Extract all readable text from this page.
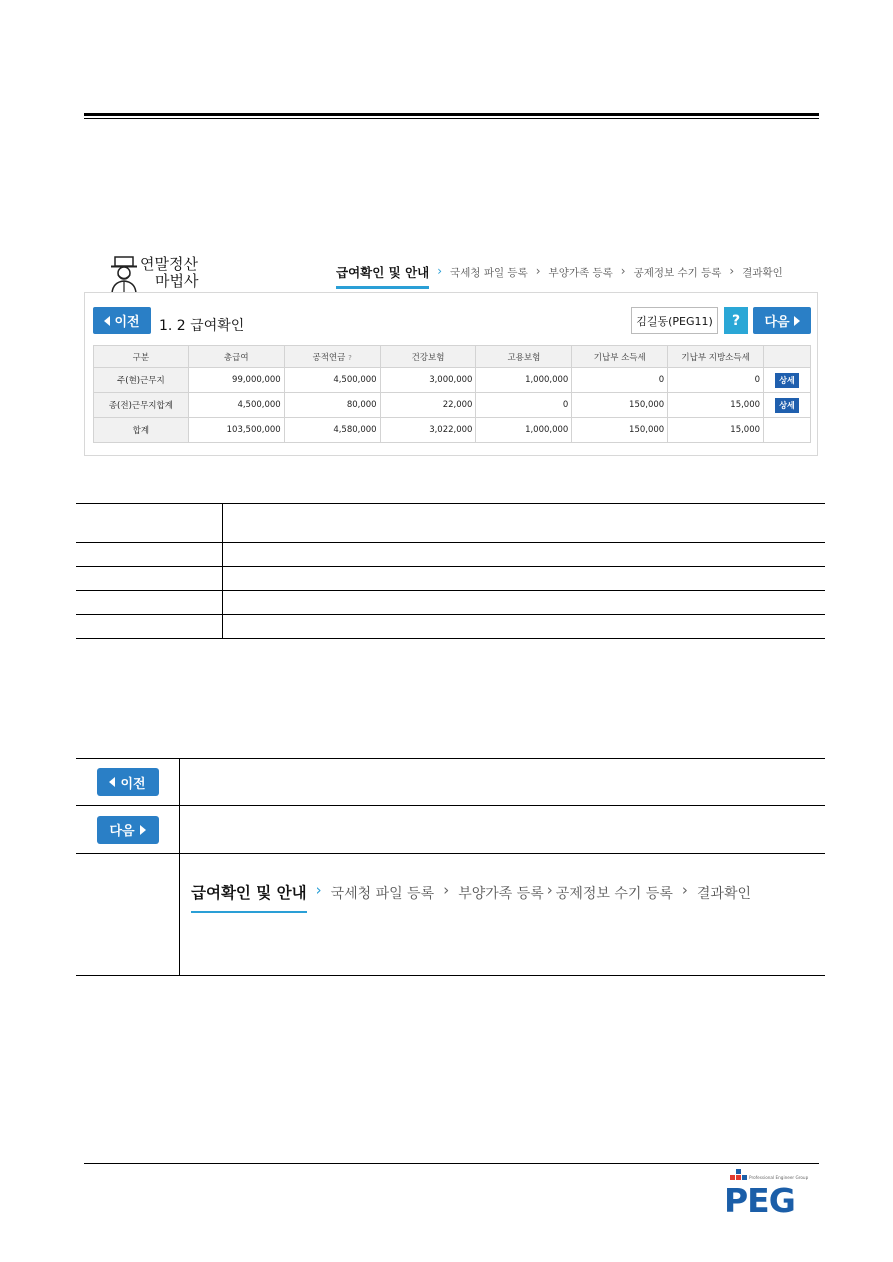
연말정산
마법사	급여확인 및 안내 › 국세청 파일 등록 › 부양가족 등록 › 공제정보 수기 등록 › 결과확인
이전 1. 2 급여확인	김길동(PEG11)	?	다음
구분	총급여	공적연금 ?	건강보험	고용보험	기납부 소득세	기납부 지방소득세	
주(현)근무지	99,000,000	4,500,000	3,000,000	1,000,000	0	0	상세
종(전)근무지합계	4,500,000	80,000	22,000	0	150,000	15,000	상세
합계	103,500,000	4,580,000	3,022,000	1,000,000	150,000	15,000	
이전
다음
급여확인 및 안내 › 국세청 파일 등록 › 부양가족 등록 › 공제정보 수기 등록 › 결과확인
Professional Engineer Group
PEG
